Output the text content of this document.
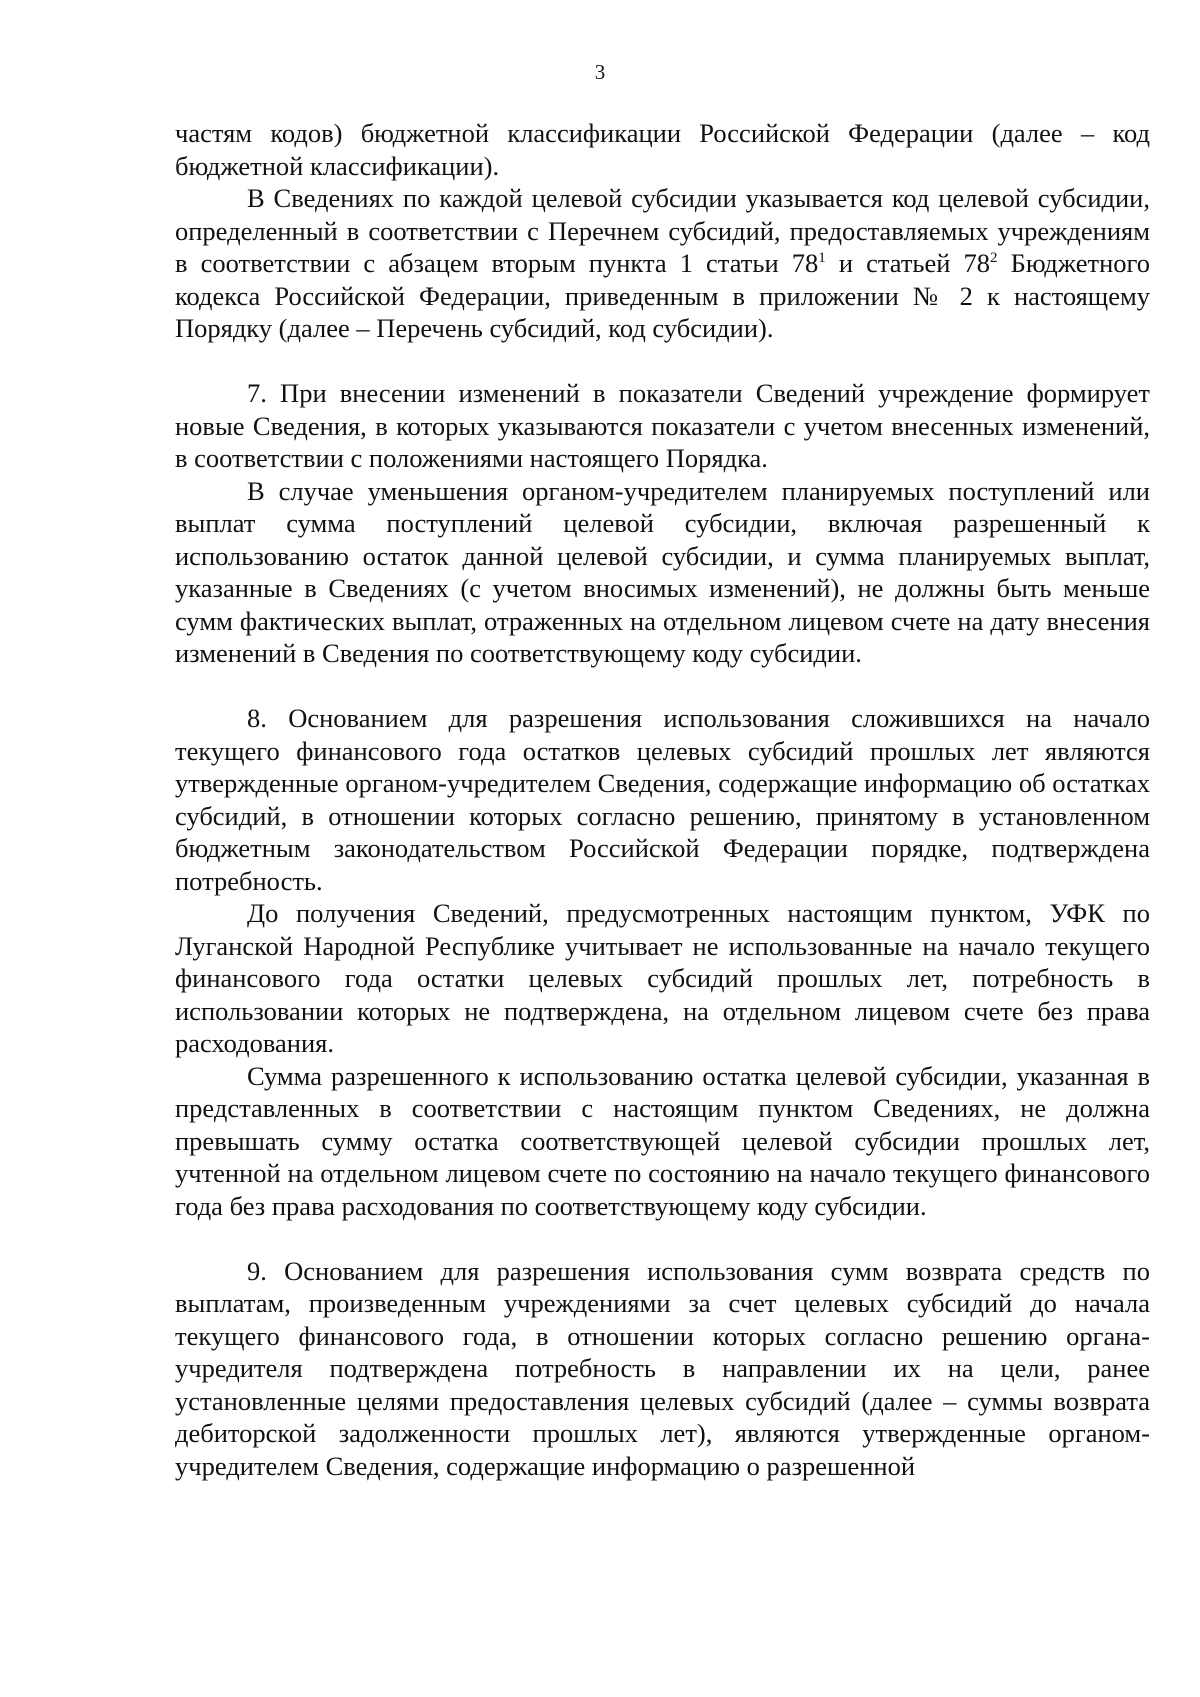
3

частям кодов) бюджетной классификации Российской Федерации (далее – код бюджетной классификации).

В Сведениях по каждой целевой субсидии указывается код целевой субсидии, определенный в соответствии с Перечнем субсидий, предоставляемых учреждениям в соответствии с абзацем вторым пункта 1 статьи $78^1$ и статьей $78^2$ Бюджетного кодекса Российской Федерации, приведенным в приложении № 2 к настоящему Порядку (далее – Перечень субсидий, код субсидии).

7. При внесении изменений в показатели Сведений учреждение формирует новые Сведения, в которых указываются показатели с учетом внесенных изменений, в соответствии с положениями настоящего Порядка.

В случае уменьшения органом-учредителем планируемых поступлений или выплат сумма поступлений целевой субсидии, включая разрешенный к использованию остаток данной целевой субсидии, и сумма планируемых выплат, указанные в Сведениях (с учетом вносимых изменений), не должны быть меньше сумм фактических выплат, отраженных на отдельном лицевом счете на дату внесения изменений в Сведения по соответствующему коду субсидии.

8. Основанием для разрешения использования сложившихся на начало текущего финансового года остатков целевых субсидий прошлых лет являются утвержденные органом-учредителем Сведения, содержащие информацию об остатках субсидий, в отношении которых согласно решению, принятому в установленном бюджетным законодательством Российской Федерации порядке, подтверждена потребность.

До получения Сведений, предусмотренных настоящим пунктом, УФК по Луганской Народной Республике учитывает не использованные на начало текущего финансового года остатки целевых субсидий прошлых лет, потребность в использовании которых не подтверждена, на отдельном лицевом счете без права расходования.

Сумма разрешенного к использованию остатка целевой субсидии, указанная в представленных в соответствии с настоящим пунктом Сведениях, не должна превышать сумму остатка соответствующей целевой субсидии прошлых лет, учтенной на отдельном лицевом счете по состоянию на начало текущего финансового года без права расходования по соответствующему коду субсидии.

9. Основанием для разрешения использования сумм возврата средств по выплатам, произведенным учреждениями за счет целевых субсидий до начала текущего финансового года, в отношении которых согласно решению органа-учредителя подтверждена потребность в направлении их на цели, ранее установленные целями предоставления целевых субсидий (далее – суммы возврата дебиторской задолженности прошлых лет), являются утвержденные органом-учредителем Сведения, содержащие информацию о разрешенной
